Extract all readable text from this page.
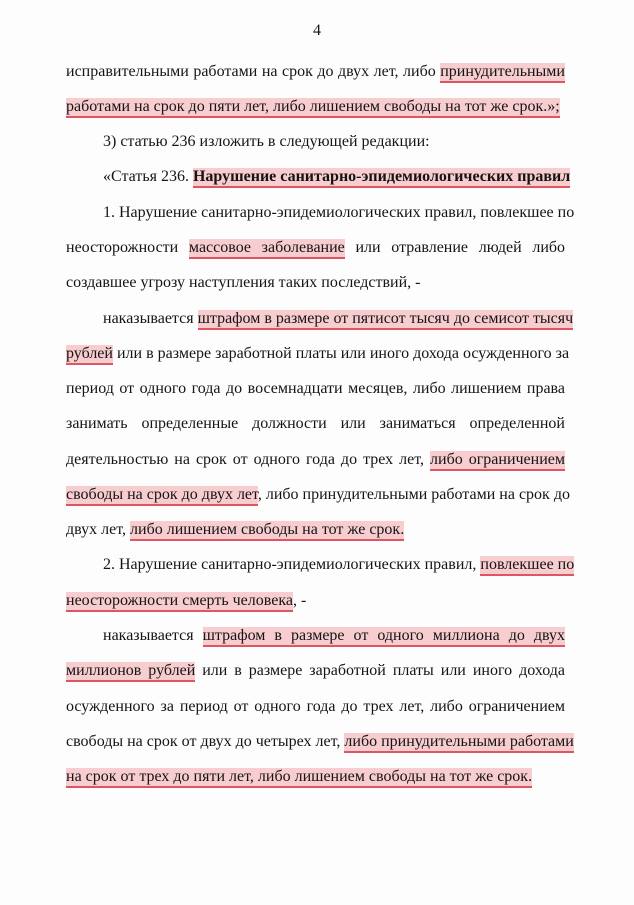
4
исправительными работами на срок до двух лет, либо принудительными
работами на срок до пяти лет, либо лишением свободы на тот же срок.»;
3) статью 236 изложить в следующей редакции:
«Статья 236. Нарушение санитарно-эпидемиологических правил
1. Нарушение санитарно-эпидемиологических правил, повлекшее по
неосторожности массовое заболевание или отравление людей либо
создавшее угрозу наступления таких последствий, -
наказывается штрафом в размере от пятисот тысяч до семисот тысяч
рублей или в размере заработной платы или иного дохода осужденного за
период от одного года до восемнадцати месяцев, либо лишением права
занимать определенные должности или заниматься определенной
деятельностью на срок от одного года до трех лет, либо ограничением
свободы на срок до двух лет, либо принудительными работами на срок до
двух лет, либо лишением свободы на тот же срок.
2. Нарушение санитарно-эпидемиологических правил, повлекшее по
неосторожности смерть человека, -
наказывается штрафом в размере от одного миллиона до двух
миллионов рублей или в размере заработной платы или иного дохода
осужденного за период от одного года до трех лет, либо ограничением
свободы на срок от двух до четырех лет, либо принудительными работами
на срок от трех до пяти лет, либо лишением свободы на тот же срок.
